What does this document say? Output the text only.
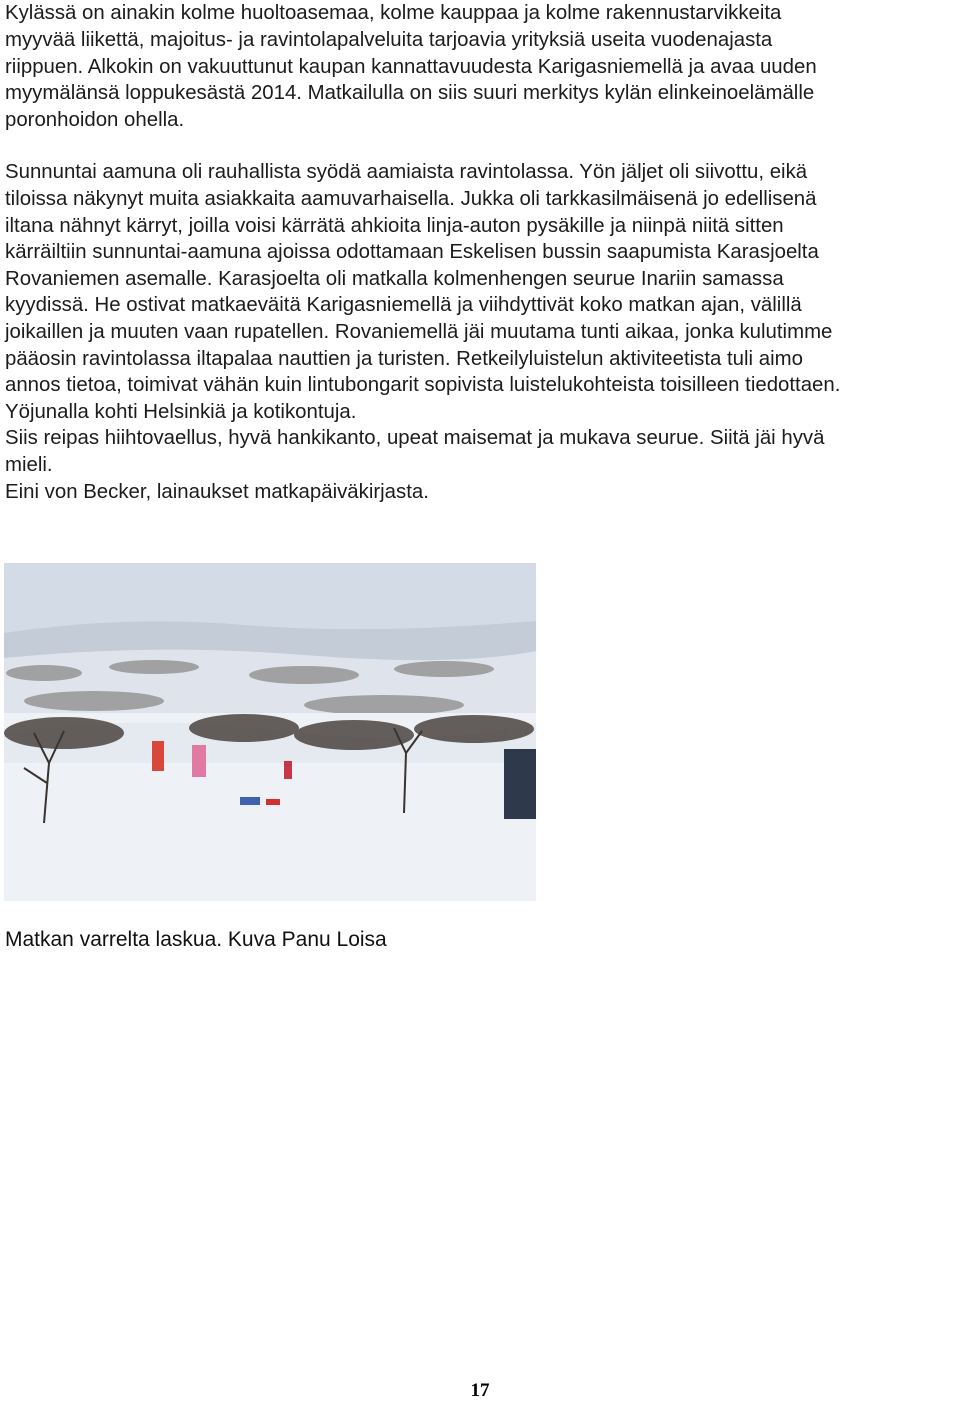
Kylässä on ainakin kolme huoltoasemaa, kolme kauppaa ja kolme rakennustarvikkeita
myyvää liikettä, majoitus- ja ravintolapalveluita tarjoavia yrityksiä useita vuodenajasta
riippuen. Alkokin on vakuuttunut kaupan kannattavuudesta Karigasniemellä ja avaa uuden
myymälänsä loppukesästä 2014. Matkailulla on siis suuri merkitys kylän elinkeinoelämälle
poronhoidon ohella.
Sunnuntai aamuna oli rauhallista syödä aamiaista ravintolassa. Yön jäljet oli siivottu, eikä
tiloissa näkynyt muita asiakkaita aamuvarhaisella. Jukka oli tarkkasilmäisenä jo edellisenä
iltana nähnyt kärryt, joilla voisi kärrätä ahkioita linja-auton pysäkille ja niinpä niitä sitten
kärräiltiin sunnuntai-aamuna ajoissa odottamaan Eskelisen bussin saapumista Karasjoelta
Rovaniemen asemalle. Karasjoelta oli matkalla kolmenhengen seurue Inariin samassa
kyydissä. He ostivat matkaeväitä Karigasniemellä ja viihdyttivät koko matkan ajan, välillä
joikaillen ja muuten vaan rupatellen. Rovaniemellä jäi muutama tunti aikaa, jonka kulutimme
pääosin ravintolassa iltapalaa nauttien ja turisten. Retkeilyluistelun aktiviteetista tuli aimo
annos tietoa, toimivat vähän kuin lintubongarit sopivista luistelukohteista toisilleen tiedottaen.
Yöjunalla kohti Helsinkiä ja kotikontuja.
Siis reipas hiihtovaellus, hyvä hankikanto, upeat maisemat ja mukava seurue. Siitä jäi hyvä
mieli.
Eini von Becker, lainaukset matkapäiväkirjasta.
Matkan varrelta laskua. Kuva Panu Loisa
17
